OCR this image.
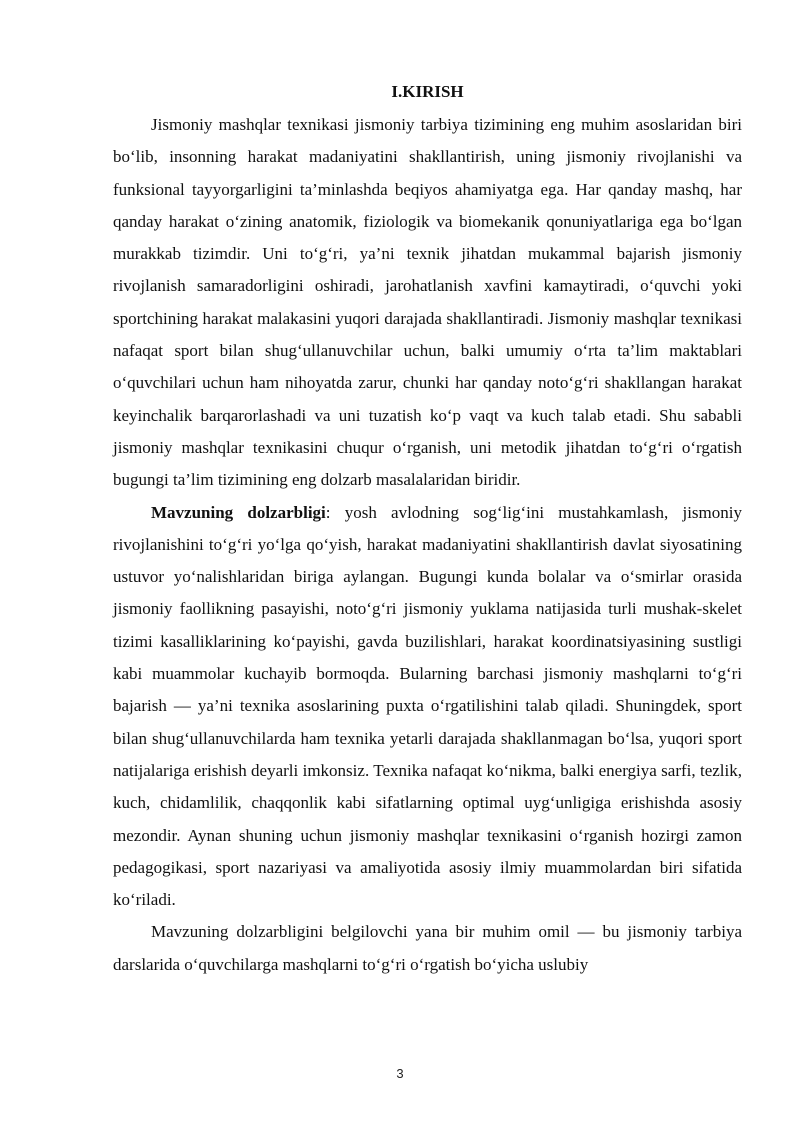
I.KIRISH

Jismoniy mashqlar texnikasi jismoniy tarbiya tizimining eng muhim asoslaridan biri bo‘lib, insonning harakat madaniyatini shakllantirish, uning jismoniy rivojlanishi va funksional tayyorgarligini ta’minlashda beqiyos ahamiyatga ega. Har qanday mashq, har qanday harakat o‘zining anatomik, fiziologik va biomekanik qonuniyatlariga ega bo‘lgan murakkab tizimdir. Uni to‘g‘ri, ya’ni texnik jihatdan mukammal bajarish jismoniy rivojlanish samaradorligini oshiradi, jarohatlanish xavfini kamaytiradi, o‘quvchi yoki sportchining harakat malakasini yuqori darajada shakllantiradi. Jismoniy mashqlar texnikasi nafaqat sport bilan shug‘ullanuvchilar uchun, balki umumiy o‘rta ta’lim maktablari o‘quvchilari uchun ham nihoyatda zarur, chunki har qanday noto‘g‘ri shakllangan harakat keyinchalik barqarorlashadi va uni tuzatish ko‘p vaqt va kuch talab etadi. Shu sababli jismoniy mashqlar texnikasini chuqur o‘rganish, uni metodik jihatdan to‘g‘ri o‘rgatish bugungi ta’lim tizimining eng dolzarb masalalaridan biridir.

Mavzuning dolzarbligi: yosh avlodning sog‘lig‘ini mustahkamlash, jismoniy rivojlanishini to‘g‘ri yo‘lga qo‘yish, harakat madaniyatini shakllantirish davlat siyosatining ustuvor yo‘nalishlaridan biriga aylangan. Bugungi kunda bolalar va o‘smirlar orasida jismoniy faollikning pasayishi, noto‘g‘ri jismoniy yuklama natijasida turli mushak-skelet tizimi kasalliklarining ko‘payishi, gavda buzilishlari, harakat koordinatsiyasining sustligi kabi muammolar kuchayib bormoqda. Bularning barchasi jismoniy mashqlarni to‘g‘ri bajarish — ya’ni texnika asoslarining puxta o‘rgatilishini talab qiladi. Shuningdek, sport bilan shug‘ullanuvchilarda ham texnika yetarli darajada shakllanmagan bo‘lsa, yuqori sport natijalariga erishish deyarli imkonsiz. Texnika nafaqat ko‘nikma, balki energiya sarfi, tezlik, kuch, chidamlilik, chaqqonlik kabi sifatlarning optimal uyg‘unligiga erishishda asosiy mezondir. Aynan shuning uchun jismoniy mashqlar texnikasini o‘rganish hozirgi zamon pedagogikasi, sport nazariyasi va amaliyotida asosiy ilmiy muammolardan biri sifatida ko‘riladi.

Mavzuning dolzarbligini belgilovchi yana bir muhim omil — bu jismoniy tarbiya darslarida o‘quvchilarga mashqlarni to‘g‘ri o‘rgatish bo‘yicha uslubiy

3
